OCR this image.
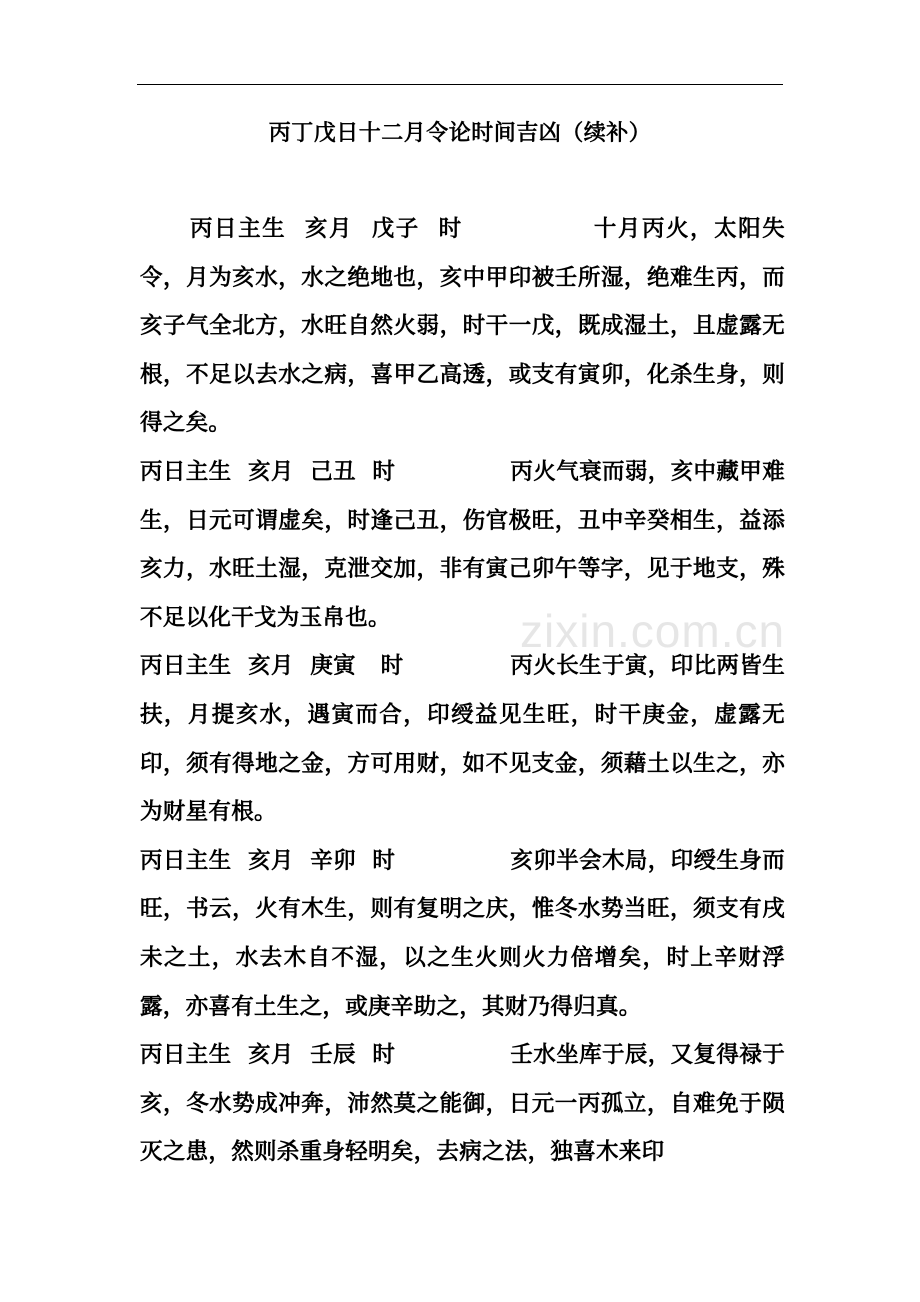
丙丁戊日十二月令论时间吉凶（续补）

丙日主生  亥月  戊子  时              十月丙火，太阳失令，月为亥水，水之绝地也，亥中甲印被壬所湿，绝难生丙，而亥子气全北方，水旺自然火弱，时干一戊，既成湿土，且虚露无根，不足以去水之病，喜甲乙高透，或支有寅卯，化杀生身，则得之矣。

丙日主生  亥月  己丑  时              丙火气衰而弱，亥中藏甲难生，日元可谓虚矣，时逢己丑，伤官极旺，丑中辛癸相生，益添亥力，水旺土湿，克泄交加，非有寅己卯午等字，见于地支，殊不足以化干戈为玉帛也。

丙日主生  亥月  庚寅   时             丙火长生于寅，印比两皆生扶，月提亥水，遇寅而合，印绶益见生旺，时干庚金，虚露无印，须有得地之金，方可用财，如不见支金，须藉土以生之，亦为财星有根。

丙日主生  亥月  辛卯  时              亥卯半会木局，印绶生身而旺，书云，火有木生，则有复明之庆，惟冬水势当旺，须支有戌未之土，水去木自不湿，以之生火则火力倍增矣，时上辛财浮露，亦喜有土生之，或庚辛助之，其财乃得归真。

丙日主生  亥月  壬辰  时              壬水坐库于辰，又复得禄于亥，冬水势成冲奔，沛然莫之能御，日元一丙孤立，自难免于陨灭之患，然则杀重身轻明矣，去病之法，独喜木来印

zixin.com.cn
